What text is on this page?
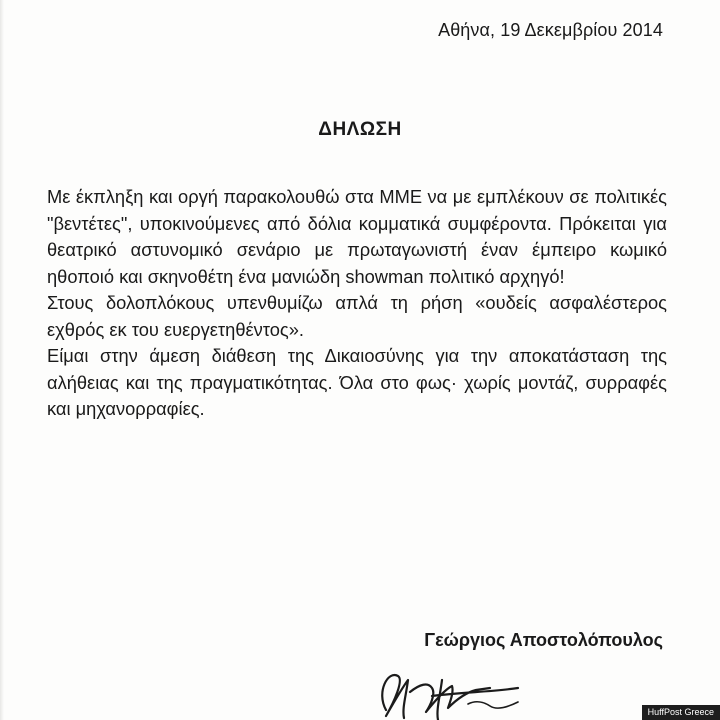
Αθήνα, 19 Δεκεμβρίου 2014
ΔΗΛΩΣΗ

Με έκπληξη και οργή παρακολουθώ στα ΜΜΕ να με εμπλέκουν σε πολιτικές "βεντέτες", υποκινούμενες από δόλια κομματικά συμφέροντα. Πρόκειται για θεατρικό αστυνομικό σενάριο με πρωταγωνιστή έναν έμπειρο κωμικό ηθοποιό και σκηνοθέτη ένα μανιώδη showman πολιτικό αρχηγό!

Στους δολοπλόκους υπενθυμίζω απλά τη ρήση «ουδείς ασφαλέστερος εχθρός εκ του ευεργετηθέντος».

Είμαι στην άμεση διάθεση της Δικαιοσύνης για την αποκατάσταση της αλήθειας και της πραγματικότητας. Όλα στο φως· χωρίς μοντάζ, συρραφές και μηχανορραφίες.

Γεώργιος Αποστολόπουλος
HuffPost Greece
